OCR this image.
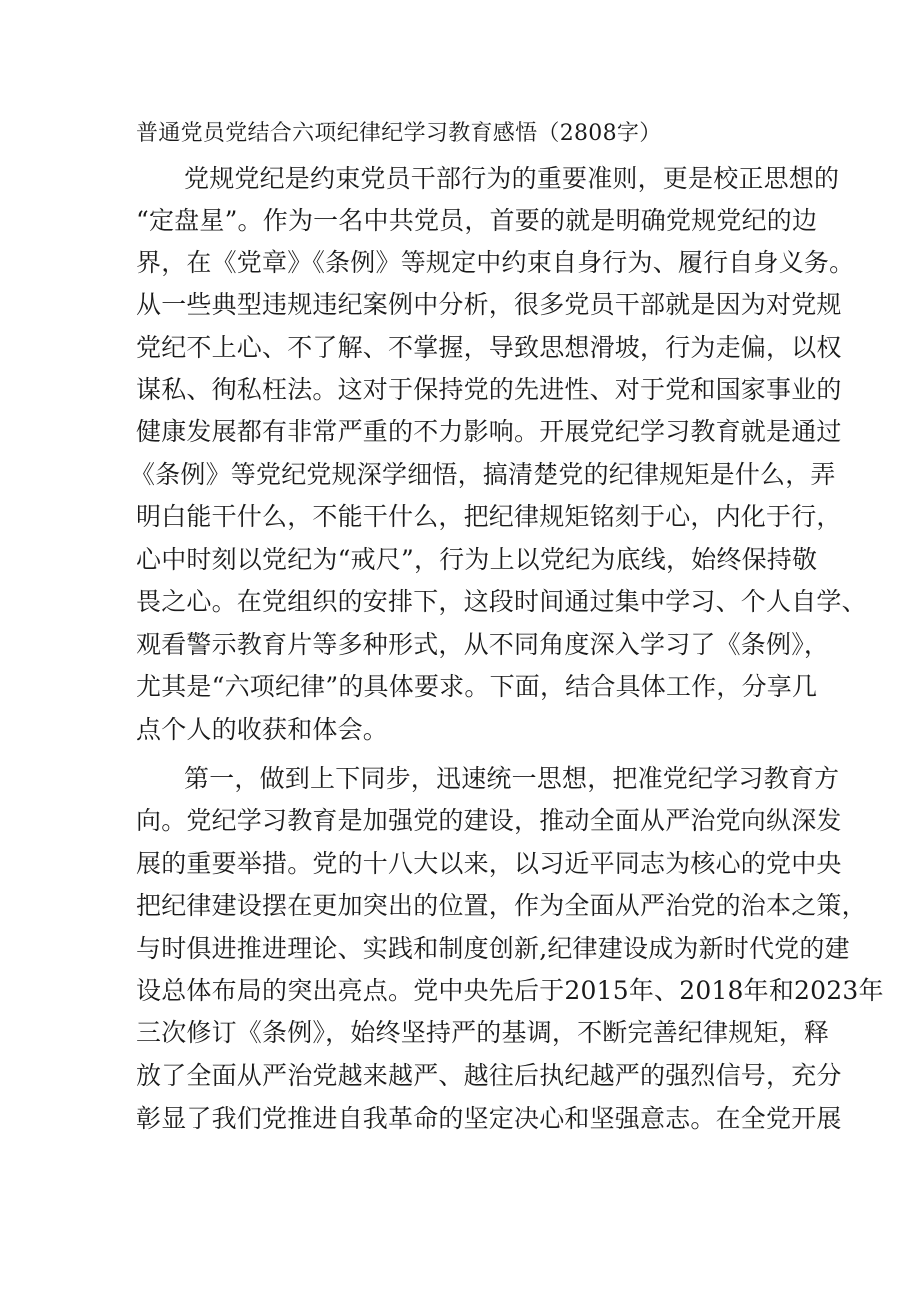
普通党员党结合六项纪律纪学习教育感悟（2808字）
党规党纪是约束党员干部行为的重要准则，更是校正思想的
“定盘星”。作为一名中共党员，首要的就是明确党规党纪的边
界，在《党章》《条例》等规定中约束自身行为、履行自身义务。
从一些典型违规违纪案例中分析，很多党员干部就是因为对党规
党纪不上心、不了解、不掌握，导致思想滑坡，行为走偏，以权
谋私、徇私枉法。这对于保持党的先进性、对于党和国家事业的
健康发展都有非常严重的不力影响。开展党纪学习教育就是通过
《条例》等党纪党规深学细悟，搞清楚党的纪律规矩是什么，弄
明白能干什么，不能干什么，把纪律规矩铭刻于心，内化于行，
心中时刻以党纪为“戒尺”，行为上以党纪为底线，始终保持敬
畏之心。在党组织的安排下，这段时间通过集中学习、个人自学、
观看警示教育片等多种形式，从不同角度深入学习了《条例》，
尤其是“六项纪律”的具体要求。下面，结合具体工作，分享几
点个人的收获和体会。
第一，做到上下同步，迅速统一思想，把准党纪学习教育方
向。党纪学习教育是加强党的建设，推动全面从严治党向纵深发
展的重要举措。党的十八大以来，以习近平同志为核心的党中央
把纪律建设摆在更加突出的位置，作为全面从严治党的治本之策，
与时俱进推进理论、实践和制度创新,纪律建设成为新时代党的建
设总体布局的突出亮点。党中央先后于2015年、2018年和2023年
三次修订《条例》，始终坚持严的基调，不断完善纪律规矩，释
放了全面从严治党越来越严、越往后执纪越严的强烈信号，充分
彰显了我们党推进自我革命的坚定决心和坚强意志。在全党开展
